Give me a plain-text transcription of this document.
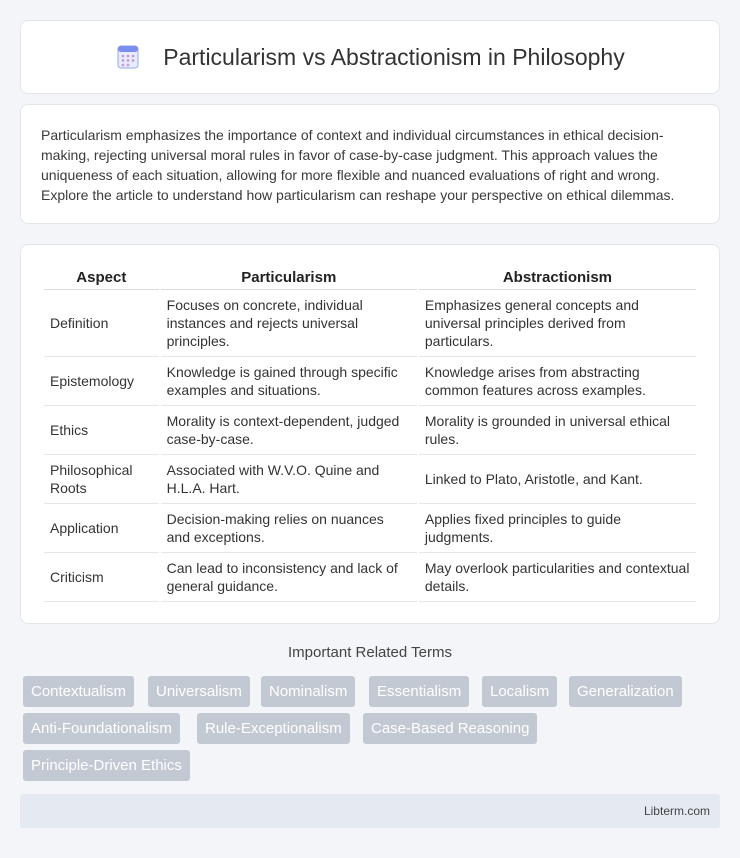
Particularism vs Abstractionism in Philosophy

Particularism emphasizes the importance of context and individual circumstances in ethical decision-making, rejecting universal moral rules in favor of case-by-case judgment. This approach values the uniqueness of each situation, allowing for more flexible and nuanced evaluations of right and wrong. Explore the article to understand how particularism can reshape your perspective on ethical dilemmas.

Aspect	Particularism	Abstractionism
Definition	Focuses on concrete, individual instances and rejects universal principles.	Emphasizes general concepts and universal principles derived from particulars.
Epistemology	Knowledge is gained through specific examples and situations.	Knowledge arises from abstracting common features across examples.
Ethics	Morality is context-dependent, judged case-by-case.	Morality is grounded in universal ethical rules.
Philosophical Roots	Associated with W.V.O. Quine and H.L.A. Hart.	Linked to Plato, Aristotle, and Kant.
Application	Decision-making relies on nuances and exceptions.	Applies fixed principles to guide judgments.
Criticism	Can lead to inconsistency and lack of general guidance.	May overlook particularities and contextual details.
Important Related Terms
Contextualism	Universalism	Nominalism	Essentialism	Localism	Generalization
Anti-Foundationalism	Rule-Exceptionalism	Case-Based Reasoning
Principle-Driven Ethics
Libterm.com
